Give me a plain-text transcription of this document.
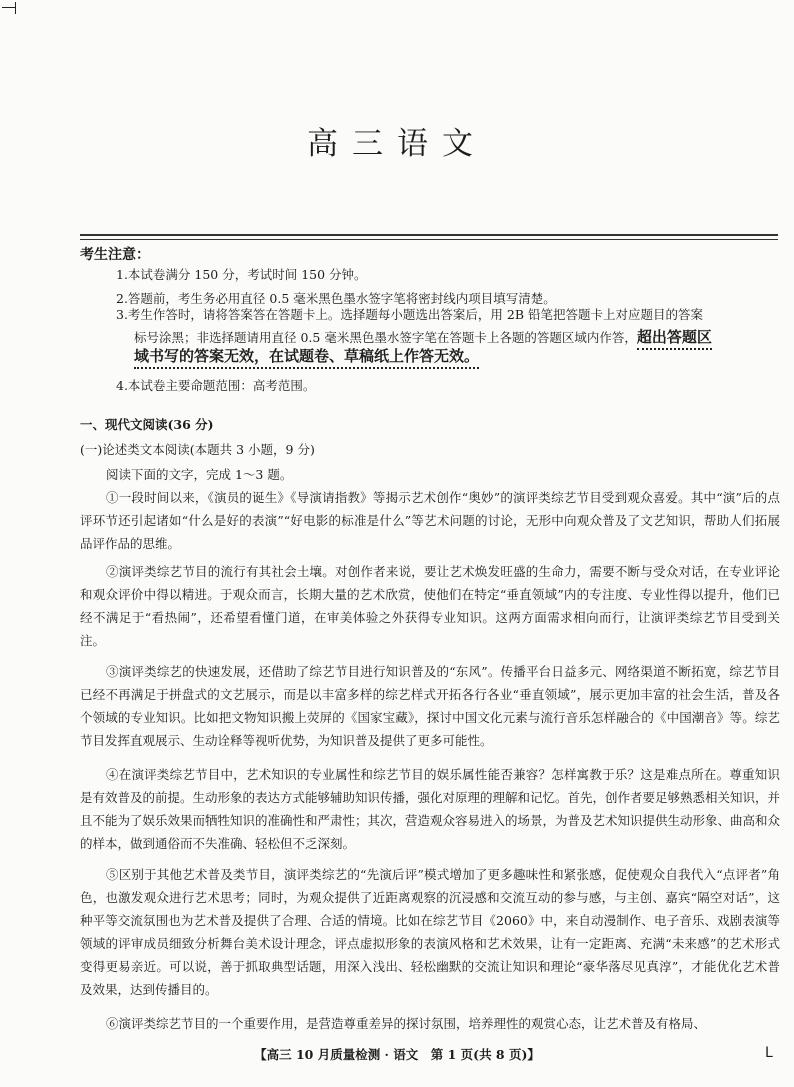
高三语文
考生注意：
1.本试卷满分 150 分，考试时间 150 分钟。
2.答题前，考生务必用直径 0.5 毫米黑色墨水签字笔将密封线内项目填写清楚。
3.考生作答时，请将答案答在答题卡上。选择题每小题选出答案后，用 2B 铅笔把答题卡上对应题目的答案
标号涂黑；非选择题请用直径 0.5 毫米黑色墨水签字笔在答题卡上各题的答题区域内作答，超出答题区
域书写的答案无效，在试题卷、草稿纸上作答无效。
4.本试卷主要命题范围：高考范围。
一、现代文阅读(36 分)
(一)论述类文本阅读(本题共 3 小题，9 分)
阅读下面的文字，完成 1～3 题。
①一段时间以来，《演员的诞生》《导演请指教》等揭示艺术创作“奥妙”的演评类综艺节目受到观众喜爱。其中“演”后的点评环节还引起诸如“什么是好的表演”“好电影的标准是什么”等艺术问题的讨论，无形中向观众普及了文艺知识，帮助人们拓展品评作品的思维。
②演评类综艺节目的流行有其社会土壤。对创作者来说，要让艺术焕发旺盛的生命力，需要不断与受众对话，在专业评论和观众评价中得以精进。于观众而言，长期大量的艺术欣赏，使他们在特定“垂直领域”内的专注度、专业性得以提升，他们已经不满足于“看热闹”，还希望看懂门道，在审美体验之外获得专业知识。这两方面需求相向而行，让演评类综艺节目受到关注。
③演评类综艺的快速发展，还借助了综艺节目进行知识普及的“东风”。传播平台日益多元、网络渠道不断拓宽，综艺节目已经不再满足于拼盘式的文艺展示，而是以丰富多样的综艺样式开拓各行各业“垂直领域”，展示更加丰富的社会生活，普及各个领域的专业知识。比如把文物知识搬上荧屏的《国家宝藏》，探讨中国文化元素与流行音乐怎样融合的《中国潮音》等。综艺节目发挥直观展示、生动诠释等视听优势，为知识普及提供了更多可能性。
④在演评类综艺节目中，艺术知识的专业属性和综艺节目的娱乐属性能否兼容？怎样寓教于乐？这是难点所在。尊重知识是有效普及的前提。生动形象的表达方式能够辅助知识传播，强化对原理的理解和记忆。首先，创作者要足够熟悉相关知识，并且不能为了娱乐效果而牺牲知识的准确性和严肃性；其次，营造观众容易进入的场景，为普及艺术知识提供生动形象、曲高和众的样本，做到通俗而不失准确、轻松但不乏深刻。
⑤区别于其他艺术普及类节目，演评类综艺的“先演后评”模式增加了更多趣味性和紧张感，促使观众自我代入“点评者”角色，也激发观众进行艺术思考；同时，为观众提供了近距离观察的沉浸感和交流互动的参与感，与主创、嘉宾“隔空对话”，这种平等交流氛围也为艺术普及提供了合理、合适的情境。比如在综艺节目《2060》中，来自动漫制作、电子音乐、戏剧表演等领域的评审成员细致分析舞台美术设计理念，评点虚拟形象的表演风格和艺术效果，让有一定距离、充满“未来感”的艺术形式变得更易亲近。可以说，善于抓取典型话题，用深入浅出、轻松幽默的交流让知识和理论“豪华落尽见真淳”，才能优化艺术普及效果，达到传播目的。
⑥演评类综艺节目的一个重要作用，是营造尊重差异的探讨氛围，培养理性的观赏心态，让艺术普及有格局、
【高三 10 月质量检测 · 语文　第 1 页(共 8 页)】	L
